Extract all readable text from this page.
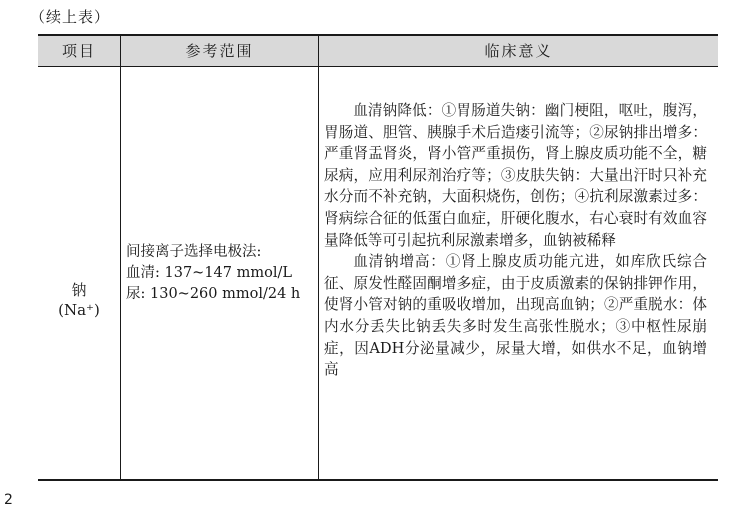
（续上表）
项目	参考范围	临床意义
钠
(Na⁺)
间接离子选择电极法:
血清: 137~147 mmol/L
尿: 130~260 mmol/24 h

血清钠降低：①胃肠道失钠：幽门梗阻，呕吐，腹泻，胃肠道、胆管、胰腺手术后造瘘引流等；②尿钠排出增多：严重肾盂肾炎，肾小管严重损伤，肾上腺皮质功能不全，糖尿病，应用利尿剂治疗等；③皮肤失钠：大量出汗时只补充水分而不补充钠，大面积烧伤，创伤；④抗利尿激素过多：肾病综合征的低蛋白血症，肝硬化腹水，右心衰时有效血容量降低等可引起抗利尿激素增多，血钠被稀释

血清钠增高：①肾上腺皮质功能亢进，如库欣氏综合征、原发性醛固酮增多症，由于皮质激素的保钠排钾作用，使肾小管对钠的重吸收增加，出现高血钠；②严重脱水：体内水分丢失比钠丢失多时发生高张性脱水；③中枢性尿崩症，因ADH分泌量减少，尿量大增，如供水不足，血钠增高

2
